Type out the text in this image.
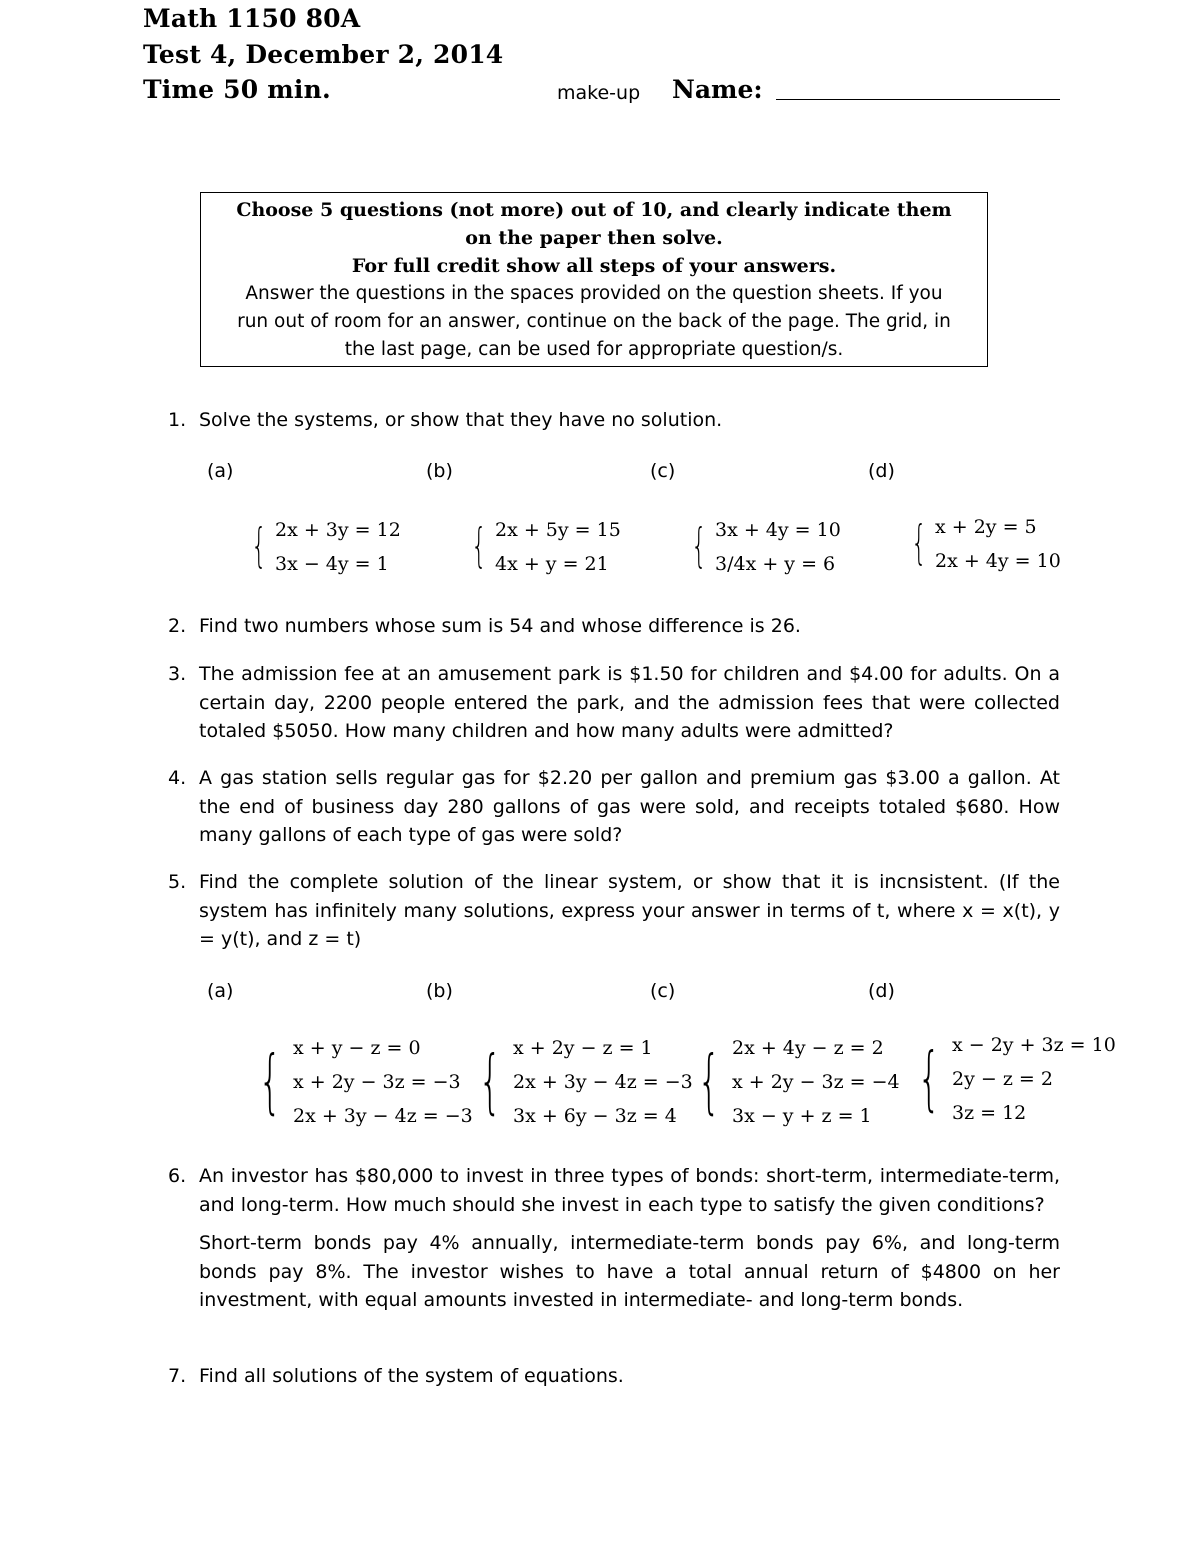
Math 1150 80A
Test 4, December 2, 2014
Time 50 min.	make-up Name:
Choose 5 questions (not more) out of 10, and clearly indicate them
on the paper then solve.
For full credit show all steps of your answers.
Answer the questions in the spaces provided on the question sheets. If you
run out of room for an answer, continue on the back of the page. The grid, in
the last page, can be used for appropriate question/s.
1. Solve the systems, or show that they have no solution.
(a)	(b)	(c)	(d)
{ 2x + 3y = 12
3x − 4y = 1 { 2x + 5y = 15
4x + y = 21 { 3x + 4y = 10
3/4x + y = 6 { x + 2y = 5
2x + 4y = 10
2. Find two numbers whose sum is 54 and whose difference is 26.
3. The admission fee at an amusement park is $1.50 for children and $4.00 for adults. On a certain day, 2200 people entered the park, and the admission fees that were collected totaled $5050. How many children and how many adults were admitted?
4. A gas station sells regular gas for $2.20 per gallon and premium gas $3.00 a gallon. At the end of business day 280 gallons of gas were sold, and receipts totaled $680. How many gallons of each type of gas were sold?
5. Find the complete solution of the linear system, or show that it is incnsistent. (If the system has infinitely many solutions, express your answer in terms of t, where x = x(t), y = y(t), and z = t)
(a)	(b)	(c)	(d)
{ x + y − z = 0
x + 2y − 3z = −3
2x + 3y − 4z = −3 { x + 2y − z = 1
2x + 3y − 4z = −3
3x + 6y − 3z = 4 { 2x + 4y − z = 2
x + 2y − 3z = −4
3x − y + z = 1 { x − 2y + 3z = 10
2y − z = 2
3z = 12
6. An investor has $80,000 to invest in three types of bonds: short-term, intermediate-term, and long-term. How much should she invest in each type to satisfy the given conditions?
Short-term bonds pay 4% annually, intermediate-term bonds pay 6%, and long-term bonds pay 8%. The investor wishes to have a total annual return of $4800 on her investment, with equal amounts invested in intermediate- and long-term bonds.
7. Find all solutions of the system of equations.
